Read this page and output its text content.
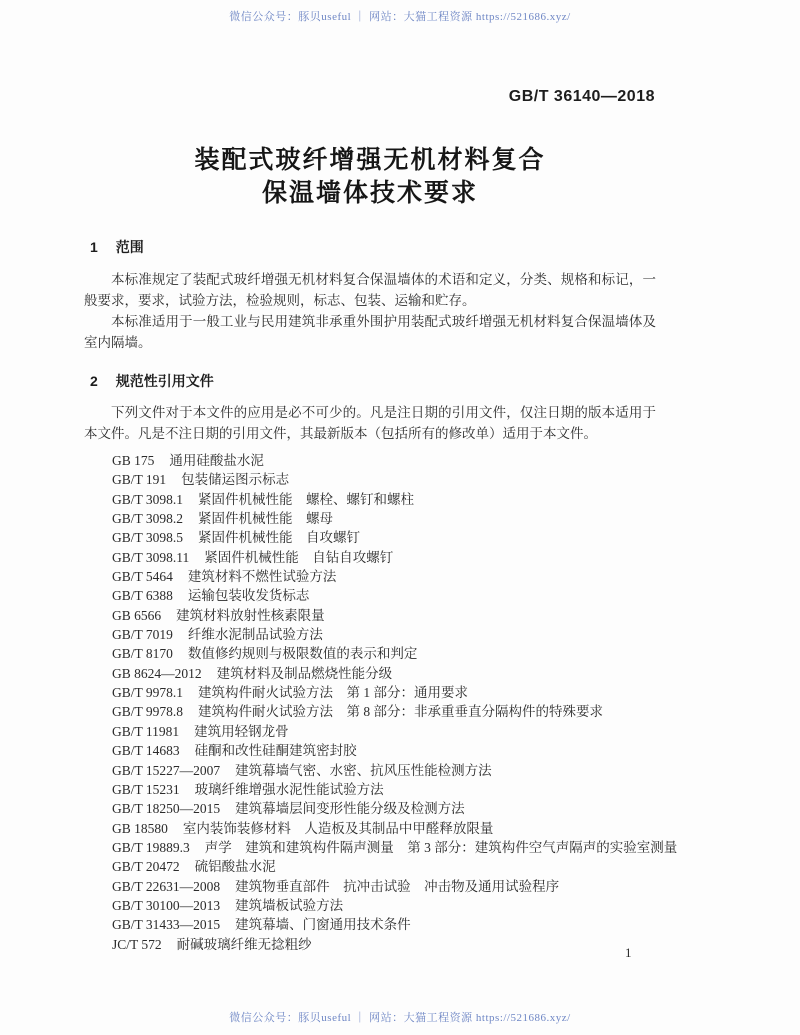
微信公众号：豚贝useful ｜ 网站：大猫工程资源 https://521686.xyz/
GB/T 36140—2018
装配式玻纤增强无机材料复合
保温墙体技术要求
1 范围

本标准规定了装配式玻纤增强无机材料复合保温墙体的术语和定义，分类、规格和标记，一般要求，要求，试验方法，检验规则，标志、包装、运输和贮存。

本标准适用于一般工业与民用建筑非承重外围护用装配式玻纤增强无机材料复合保温墙体及室内隔墙。

2 规范性引用文件

下列文件对于本文件的应用是必不可少的。凡是注日期的引用文件，仅注日期的版本适用于本文件。凡是不注日期的引用文件，其最新版本（包括所有的修改单）适用于本文件。

GB 175 通用硅酸盐水泥
GB/T 191 包装储运图示标志
GB/T 3098.1 紧固件机械性能　螺栓、螺钉和螺柱
GB/T 3098.2 紧固件机械性能　螺母
GB/T 3098.5 紧固件机械性能　自攻螺钉
GB/T 3098.11 紧固件机械性能　自钻自攻螺钉
GB/T 5464 建筑材料不燃性试验方法
GB/T 6388 运输包装收发货标志
GB 6566 建筑材料放射性核素限量
GB/T 7019 纤维水泥制品试验方法
GB/T 8170 数值修约规则与极限数值的表示和判定
GB 8624—2012 建筑材料及制品燃烧性能分级
GB/T 9978.1 建筑构件耐火试验方法　第 1 部分：通用要求
GB/T 9978.8 建筑构件耐火试验方法　第 8 部分：非承重垂直分隔构件的特殊要求
GB/T 11981 建筑用轻钢龙骨
GB/T 14683 硅酮和改性硅酮建筑密封胶
GB/T 15227—2007 建筑幕墙气密、水密、抗风压性能检测方法
GB/T 15231 玻璃纤维增强水泥性能试验方法
GB/T 18250—2015 建筑幕墙层间变形性能分级及检测方法
GB 18580 室内装饰装修材料　人造板及其制品中甲醛释放限量
GB/T 19889.3 声学　建筑和建筑构件隔声测量　第 3 部分：建筑构件空气声隔声的实验室测量
GB/T 20472 硫铝酸盐水泥
GB/T 22631—2008 建筑物垂直部件　抗冲击试验　冲击物及通用试验程序
GB/T 30100—2013 建筑墙板试验方法
GB/T 31433—2015 建筑幕墙、门窗通用技术条件
JC/T 572 耐碱玻璃纤维无捻粗纱
1
微信公众号：豚贝useful ｜ 网站：大猫工程资源 https://521686.xyz/
